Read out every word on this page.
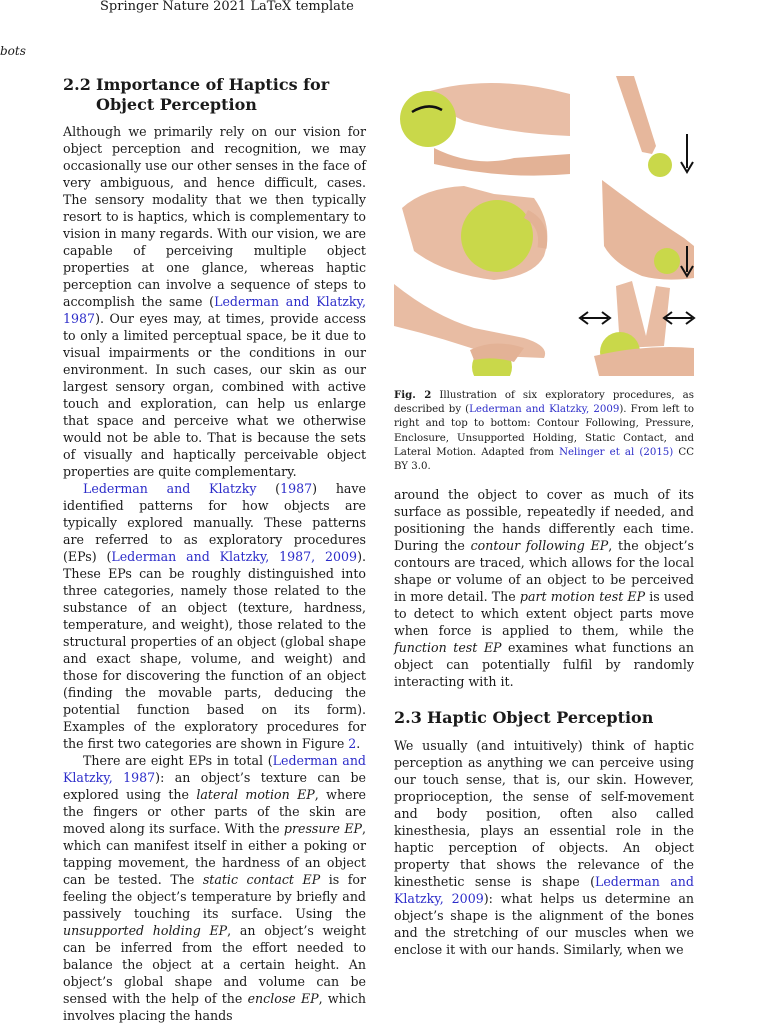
Springer Nature 2021 LaTeX template
bots
2.2 Importance of Haptics for
Object Perception

Although we primarily rely on our vision for object perception and recognition, we may occasionally use our other senses in the face of very ambiguous, and hence difficult, cases. The sensory modality that we then typically resort to is haptics, which is complementary to vision in many regards. With our vision, we are capable of perceiving multiple object properties at one glance, whereas haptic perception can involve a sequence of steps to accomplish the same (Lederman and Klatzky, 1987). Our eyes may, at times, provide access to only a limited perceptual space, be it due to visual impairments or the conditions in our environment. In such cases, our skin as our largest sensory organ, combined with active touch and exploration, can help us enlarge that space and perceive what we otherwise would not be able to. That is because the sets of visually and haptically perceivable object properties are quite complementary.

Lederman and Klatzky (1987) have identified patterns for how objects are typically explored manually. These patterns are referred to as exploratory procedures (EPs) (Lederman and Klatzky, 1987, 2009). These EPs can be roughly distinguished into three categories, namely those related to the substance of an object (texture, hardness, temperature, and weight), those related to the structural properties of an object (global shape and exact shape, volume, and weight) and those for discovering the function of an object (finding the movable parts, deducing the potential function based on its form). Examples of the exploratory procedures for the first two categories are shown in Figure 2.

There are eight EPs in total (Lederman and Klatzky, 1987): an object’s texture can be explored using the lateral motion EP, where the fingers or other parts of the skin are moved along its surface. With the pressure EP, which can manifest itself in either a poking or tapping movement, the hardness of an object can be tested. The static contact EP is for feeling the object’s temperature by briefly and passively touching its surface. Using the unsupported holding EP, an object’s weight can be inferred from the effort needed to balance the object at a certain height. An object’s global shape and volume can be sensed with the help of the enclose EP, which involves placing the hands

Fig. 2 Illustration of six exploratory procedures, as described by (Lederman and Klatzky, 2009). From left to right and top to bottom: Contour Following, Pressure, Enclosure, Unsupported Holding, Static Contact, and Lateral Motion. Adapted from Nelinger et al (2015) CC BY 3.0.

around the object to cover as much of its surface as possible, repeatedly if needed, and positioning the hands differently each time. During the contour following EP, the object’s contours are traced, which allows for the local shape or volume of an object to be perceived in more detail. The part motion test EP is used to detect to which extent object parts move when force is applied to them, while the function test EP examines what functions an object can potentially fulfil by randomly interacting with it.

2.3 Haptic Object Perception

We usually (and intuitively) think of haptic perception as anything we can perceive using our touch sense, that is, our skin. However, proprioception, the sense of self-movement and body position, often also called kinesthesia, plays an essential role in the haptic perception of objects. An object property that shows the relevance of the kinesthetic sense is shape (Lederman and Klatzky, 2009): what helps us determine an object’s shape is the alignment of the bones and the stretching of our muscles when we enclose it with our hands. Similarly, when we
